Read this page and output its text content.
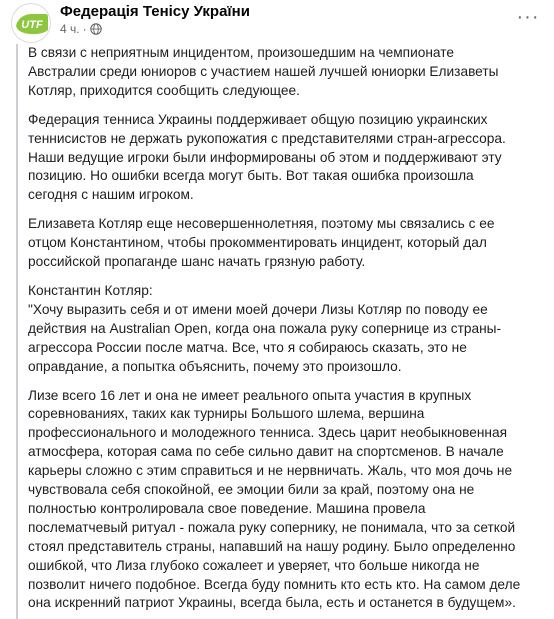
UTF
Федерація Тенісу України
4 ч. ·
···

В связи с неприятным инцидентом, произошедшим на чемпионате
Австралии среди юниоров с участием нашей лучшей юниорки Елизаветы
Котляр, приходится сообщить следующее.

Федерация тенниса Украины поддерживает общую позицию украинских
теннисистов не держать рукопожатия с представителями стран-агрессора.
Наши ведущие игроки были информированы об этом и поддерживают эту
позицию. Но ошибки всегда могут быть. Вот такая ошибка произошла
сегодня с нашим игроком.

Елизавета Котляр еще несовершеннолетняя, поэтому мы связались с ее
отцом Константином, чтобы прокомментировать инцидент, который дал
российской пропаганде шанс начать грязную работу.

Константин Котляр:
"Хочу выразить себя и от имени моей дочери Лизы Котляр по поводу ее
действия на Australian Open, когда она пожала руку сопернице из страны-
агрессора России после матча. Все, что я собираюсь сказать, это не
оправдание, а попытка объяснить, почему это произошло.

Лизе всего 16 лет и она не имеет реального опыта участия в крупных
соревнованиях, таких как турниры Большого шлема, вершина
профессионального и молодежного тенниса. Здесь царит необыкновенная
атмосфера, которая сама по себе сильно давит на спортсменов. В начале
карьеры сложно с этим справиться и не нервничать. Жаль, что моя дочь не
чувствовала себя спокойной, ее эмоции били за край, поэтому она не
полностью контролировала свое поведение. Машина провела
послематчевый ритуал - пожала руку сопернику, не понимала, что за сеткой
стоял представитель страны, напавший на нашу родину. Было определенно
ошибкой, что Лиза глубоко сожалеет и уверяет, что больше никогда не
позволит ничего подобное. Всегда буду помнить кто есть кто. На самом деле
она искренний патриот Украины, всегда была, есть и останется в будущем».
